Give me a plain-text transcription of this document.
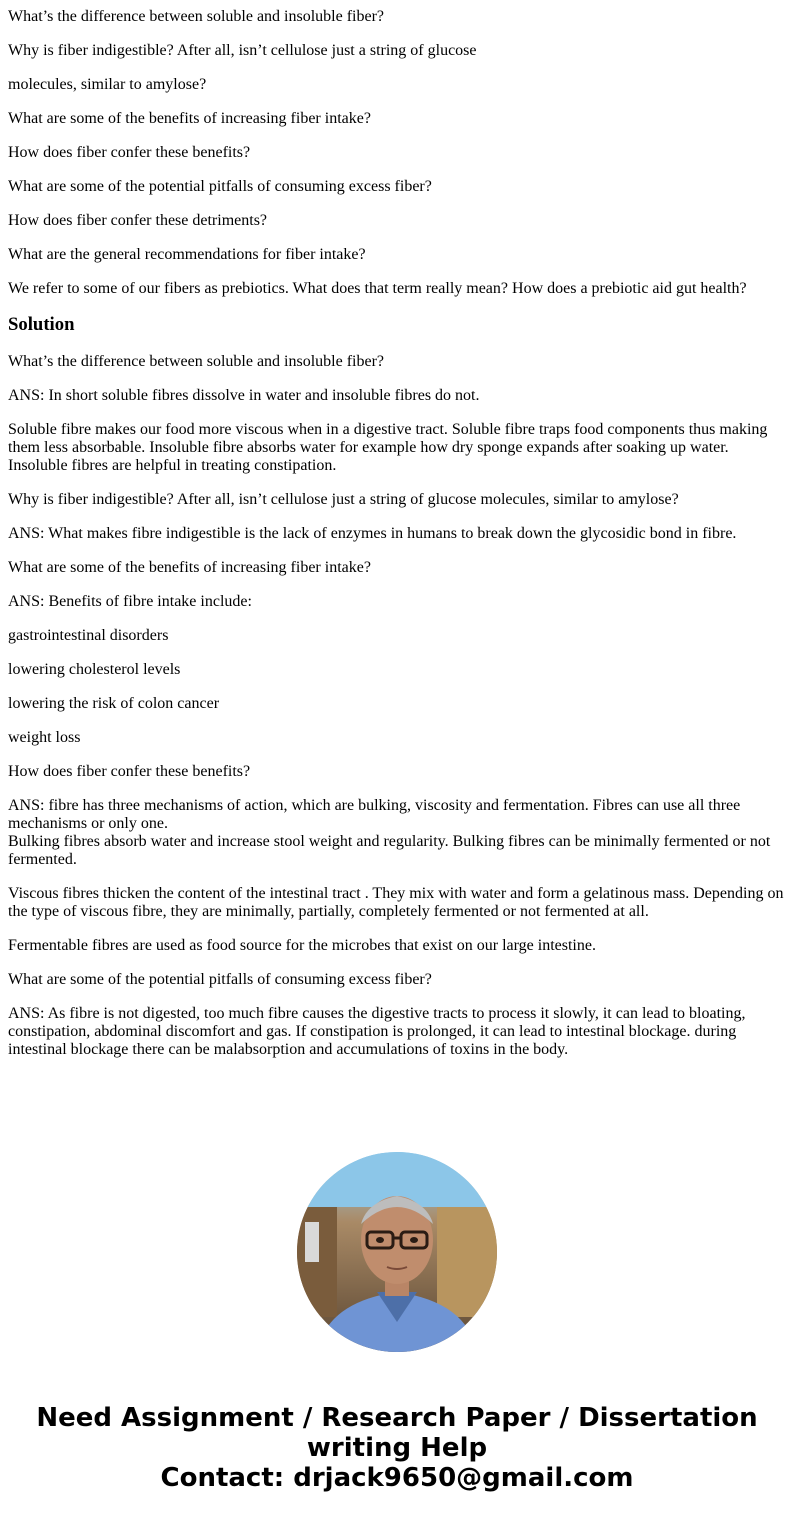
What’s the difference between soluble and insoluble fiber?

Why is fiber indigestible? After all, isn’t cellulose just a string of glucose

molecules, similar to amylose?

What are some of the benefits of increasing fiber intake?

How does fiber confer these benefits?

What are some of the potential pitfalls of consuming excess fiber?

How does fiber confer these detriments?

What are the general recommendations for fiber intake?

We refer to some of our fibers as prebiotics. What does that term really mean? How does a prebiotic aid gut health?

Solution

What’s the difference between soluble and insoluble fiber?

ANS: In short soluble fibres dissolve in water and insoluble fibres do not.

Soluble fibre makes our food more viscous when in a digestive tract. Soluble fibre traps food components thus making them less absorbable. Insoluble fibre absorbs water for example how dry sponge expands after soaking up water. Insoluble fibres are helpful in treating constipation.

Why is fiber indigestible? After all, isn’t cellulose just a string of glucose molecules, similar to amylose?

ANS: What makes fibre indigestible is the lack of enzymes in humans to break down the glycosidic bond in fibre.

What are some of the benefits of increasing fiber intake?

ANS: Benefits of fibre intake include:

gastrointestinal disorders

lowering cholesterol levels

lowering the risk of colon cancer

weight loss

How does fiber confer these benefits?

ANS: fibre has three mechanisms of action, which are bulking, viscosity and fermentation. Fibres can use all three mechanisms or only one.
Bulking fibres absorb water and increase stool weight and regularity. Bulking fibres can be minimally fermented or not fermented.

Viscous fibres thicken the content of the intestinal tract . They mix with water and form a gelatinous mass. Depending on the type of viscous fibre, they are minimally, partially, completely fermented or not fermented at all.

Fermentable fibres are used as food source for the microbes that exist on our large intestine.

What are some of the potential pitfalls of consuming excess fiber?

ANS: As fibre is not digested, too much fibre causes the digestive tracts to process it slowly, it can lead to bloating, constipation, abdominal discomfort and gas. If constipation is prolonged, it can lead to intestinal blockage. during intestinal blockage there can be malabsorption and accumulations of toxins in the body.

Need Assignment / Research Paper / Dissertation
writing Help
Contact: drjack9650@gmail.com
